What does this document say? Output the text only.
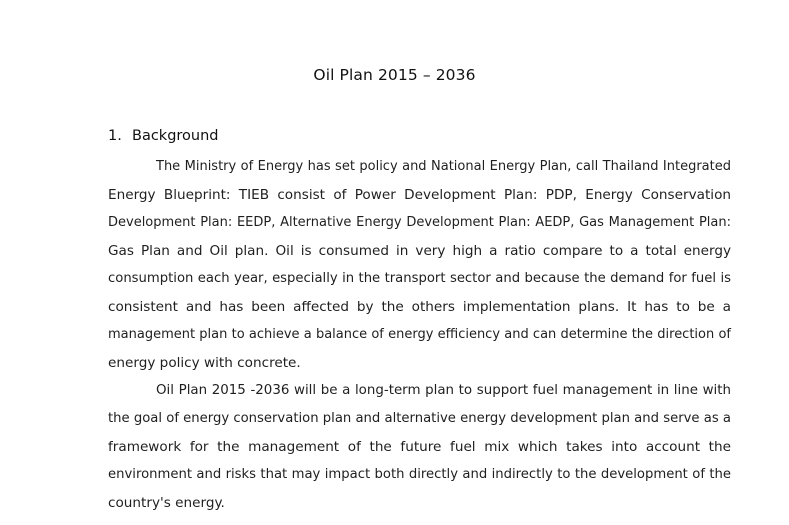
Oil Plan 2015 – 2036
1. Background
The Ministry of Energy has set policy and National Energy Plan, call Thailand Integrated
Energy Blueprint: TIEB consist of Power Development Plan: PDP, Energy Conservation
Development Plan: EEDP, Alternative Energy Development Plan: AEDP, Gas Management Plan:
Gas Plan and Oil plan. Oil is consumed in very high a ratio compare to a total energy
consumption each year, especially in the transport sector and because the demand for fuel is
consistent and has been affected by the others implementation plans. It has to be a
management plan to achieve a balance of energy efficiency and can determine the direction of
energy policy with concrete.
Oil Plan 2015 -2036 will be a long-term plan to support fuel management in line with
the goal of energy conservation plan and alternative energy development plan and serve as a
framework for the management of the future fuel mix which takes into account the
environment and risks that may impact both directly and indirectly to the development of the
country's energy.
